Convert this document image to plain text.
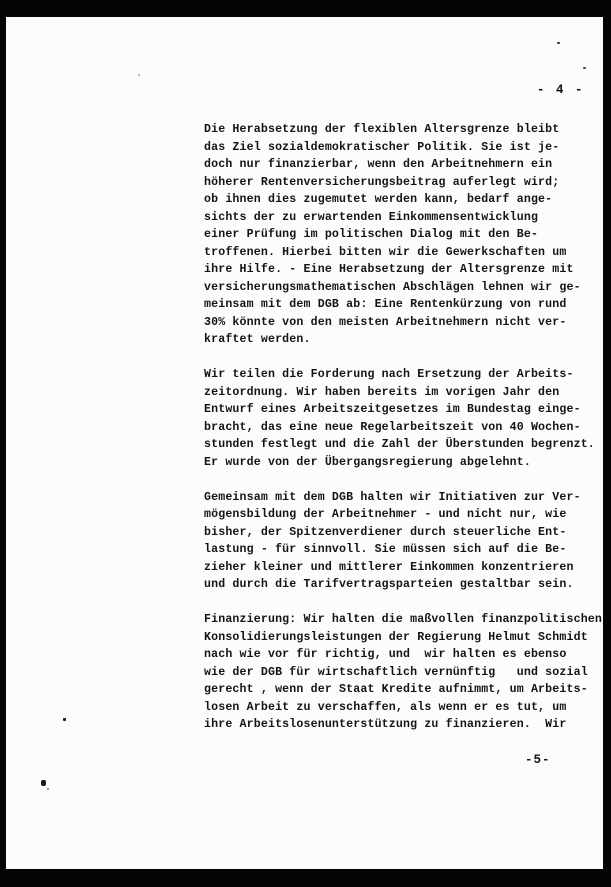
- 4 -
Die Herabsetzung der flexiblen Altersgrenze bleibt
das Ziel sozialdemokratischer Politik. Sie ist je-
doch nur finanzierbar, wenn den Arbeitnehmern ein
höherer Rentenversicherungsbeitrag auferlegt wird;
ob ihnen dies zugemutet werden kann, bedarf ange-
sichts der zu erwartenden Einkommensentwicklung
einer Prüfung im politischen Dialog mit den Be-
troffenen. Hierbei bitten wir die Gewerkschaften um
ihre Hilfe. - Eine Herabsetzung der Altersgrenze mit
versicherungsmathematischen Abschlägen lehnen wir ge-
meinsam mit dem DGB ab: Eine Rentenkürzung von rund
30% könnte von den meisten Arbeitnehmern nicht ver-
kraftet werden.
Wir teilen die Forderung nach Ersetzung der Arbeits-
zeitordnung. Wir haben bereits im vorigen Jahr den
Entwurf eines Arbeitszeitgesetzes im Bundestag einge-
bracht, das eine neue Regelarbeitszeit von 40 Wochen-
stunden festlegt und die Zahl der Überstunden begrenzt.
Er wurde von der Übergangsregierung abgelehnt.
Gemeinsam mit dem DGB halten wir Initiativen zur Ver-
mögensbildung der Arbeitnehmer - und nicht nur, wie
bisher, der Spitzenverdiener durch steuerliche Ent-
lastung - für sinnvoll. Sie müssen sich auf die Be-
zieher kleiner und mittlerer Einkommen konzentrieren
und durch die Tarifvertragsparteien gestaltbar sein.
Finanzierung: Wir halten die maßvollen finanzpolitischen
Konsolidierungsleistungen der Regierung Helmut Schmidt
nach wie vor für richtig, und  wir halten es ebenso
wie der DGB für wirtschaftlich vernünftig   und sozial
gerecht , wenn der Staat Kredite aufnimmt, um Arbeits-
losen Arbeit zu verschaffen, als wenn er es tut, um
ihre Arbeitslosenunterstützung zu finanzieren.  Wir
-5-
